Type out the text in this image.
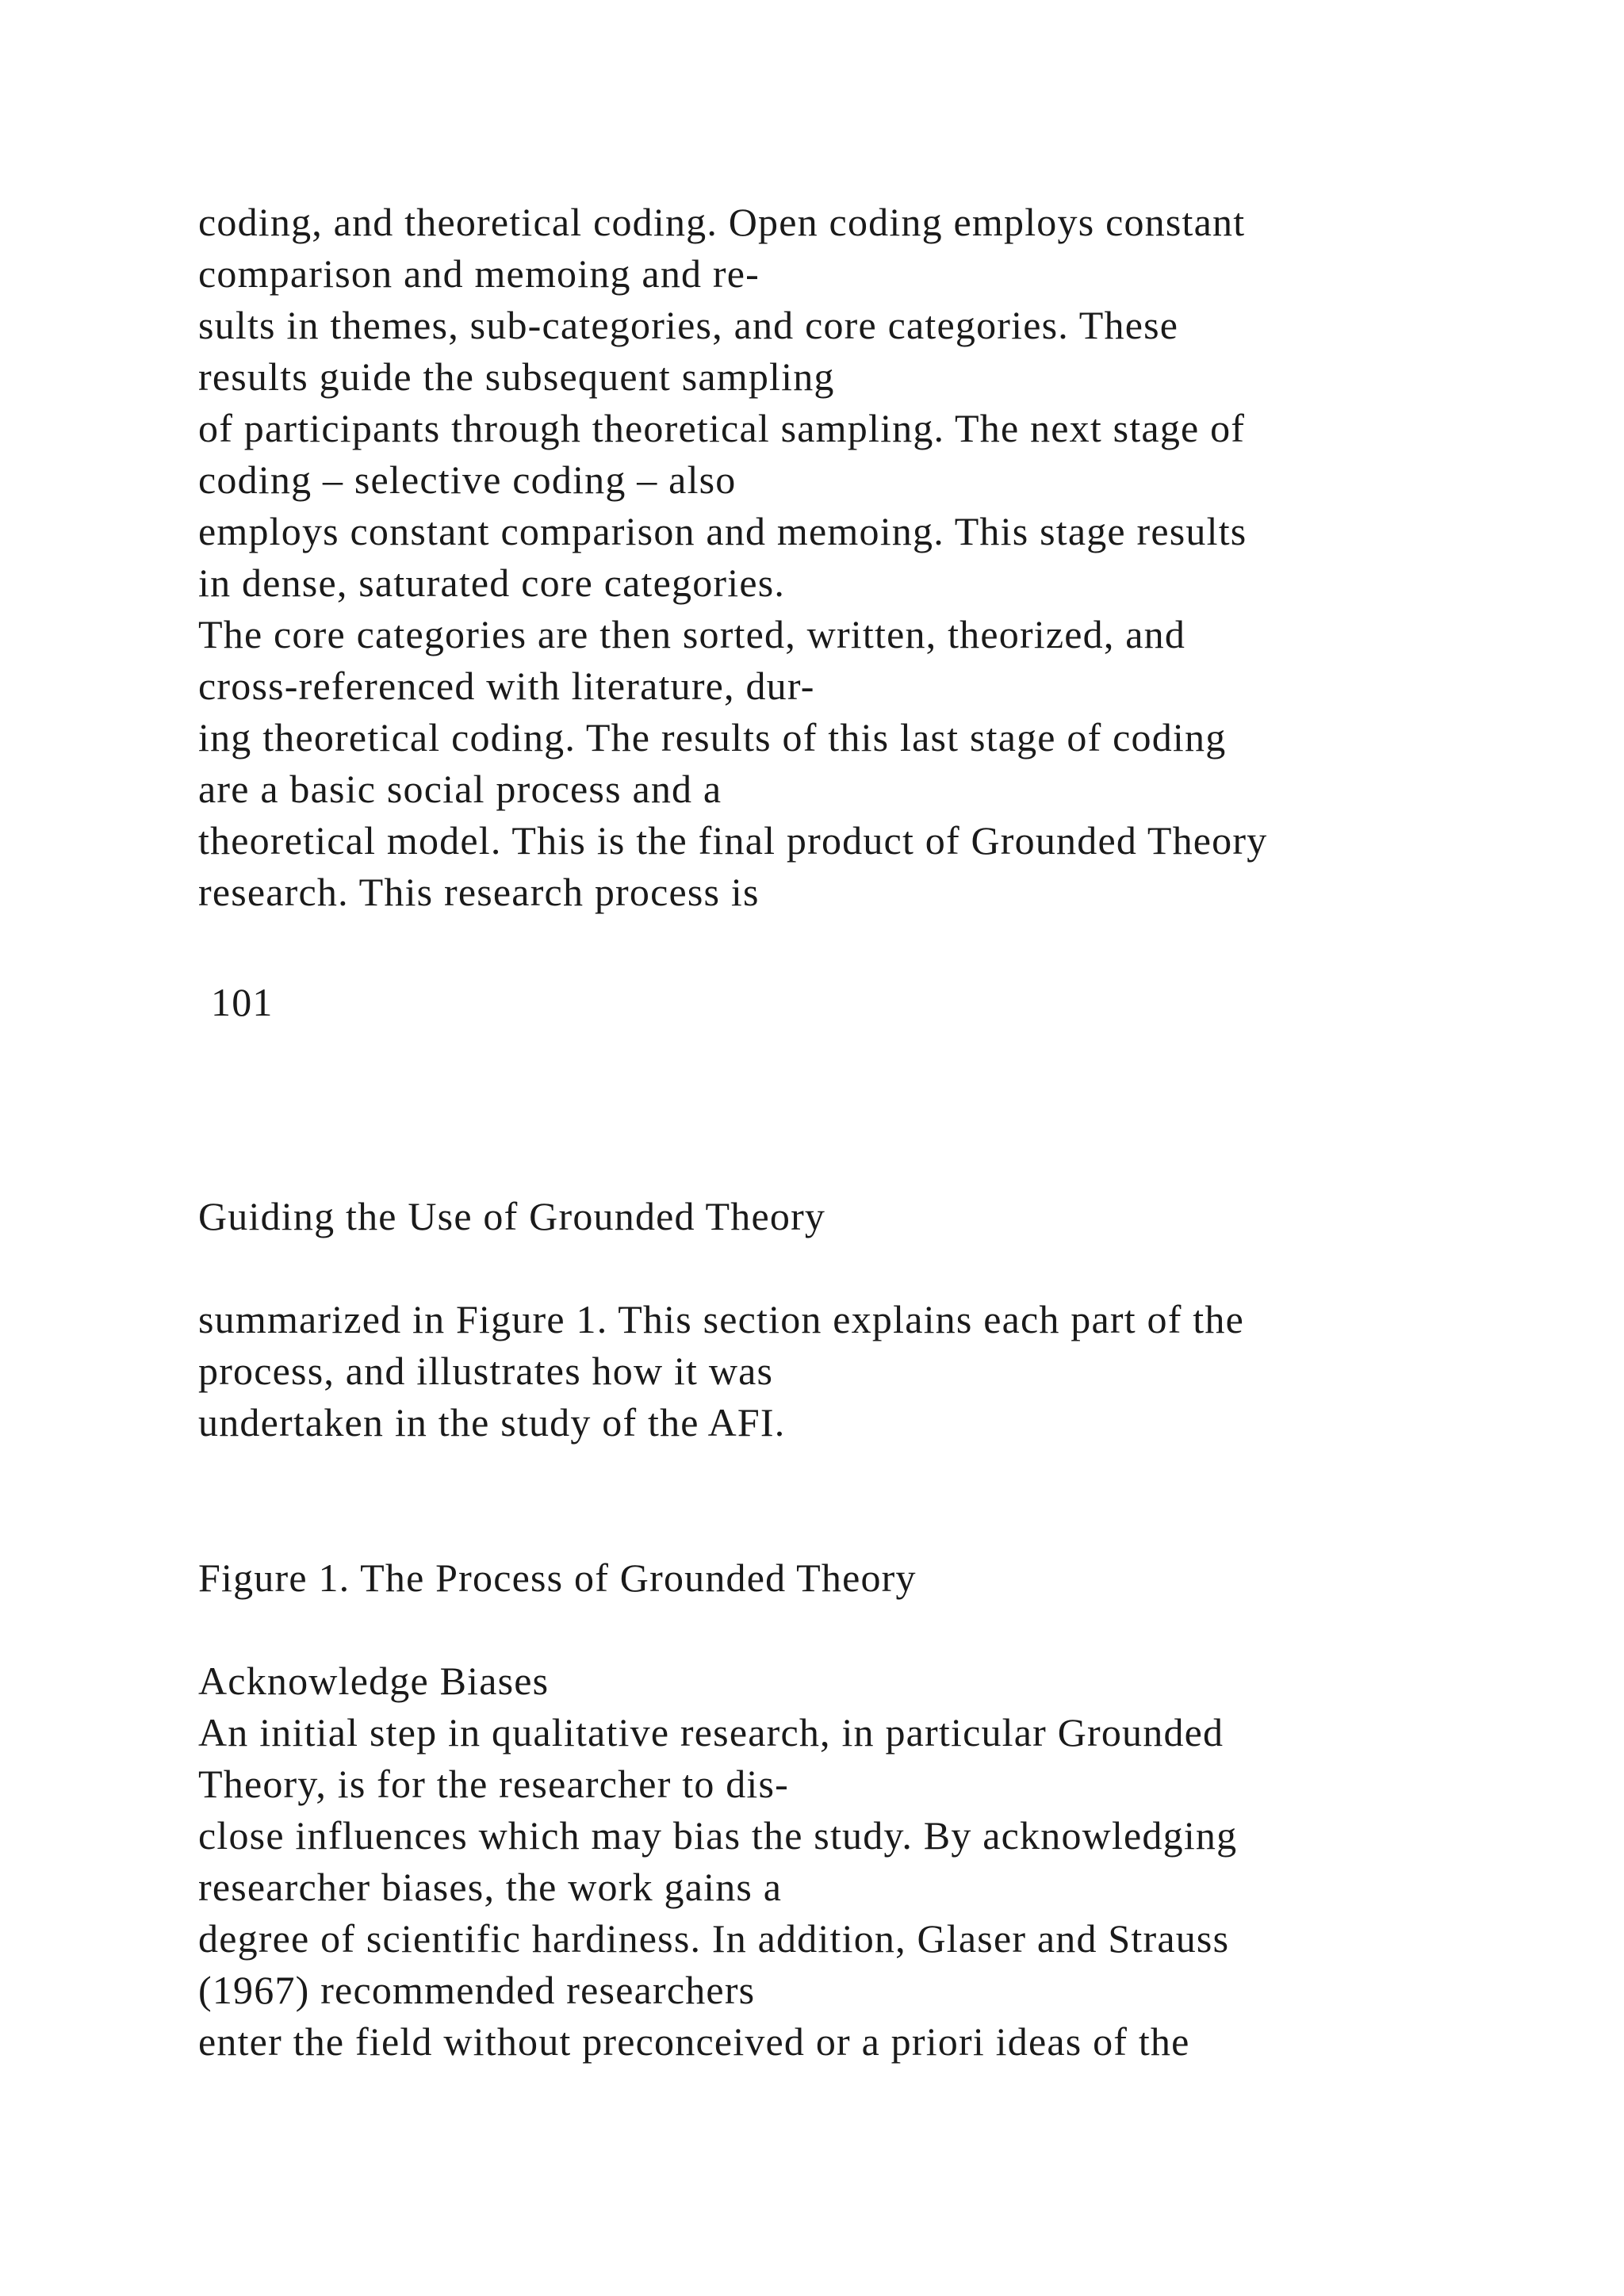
coding, and theoretical coding. Open coding employs constant
comparison and memoing and re-
sults in themes, sub-categories, and core categories. These
results guide the subsequent sampling
of participants through theoretical sampling. The next stage of
coding – selective coding – also
employs constant comparison and memoing. This stage results
in dense, saturated core categories.
The core categories are then sorted, written, theorized, and
cross-referenced with literature, dur-
ing theoretical coding. The results of this last stage of coding
are a basic social process and a
theoretical model. This is the final product of Grounded Theory
research. This research process is
101
Guiding the Use of Grounded Theory
summarized in Figure 1. This section explains each part of the
process, and illustrates how it was
undertaken in the study of the AFI.
Figure 1. The Process of Grounded Theory
Acknowledge Biases
An initial step in qualitative research, in particular Grounded
Theory, is for the researcher to dis-
close influences which may bias the study. By acknowledging
researcher biases, the work gains a
degree of scientific hardiness. In addition, Glaser and Strauss
(1967) recommended researchers
enter the field without preconceived or a priori ideas of the
